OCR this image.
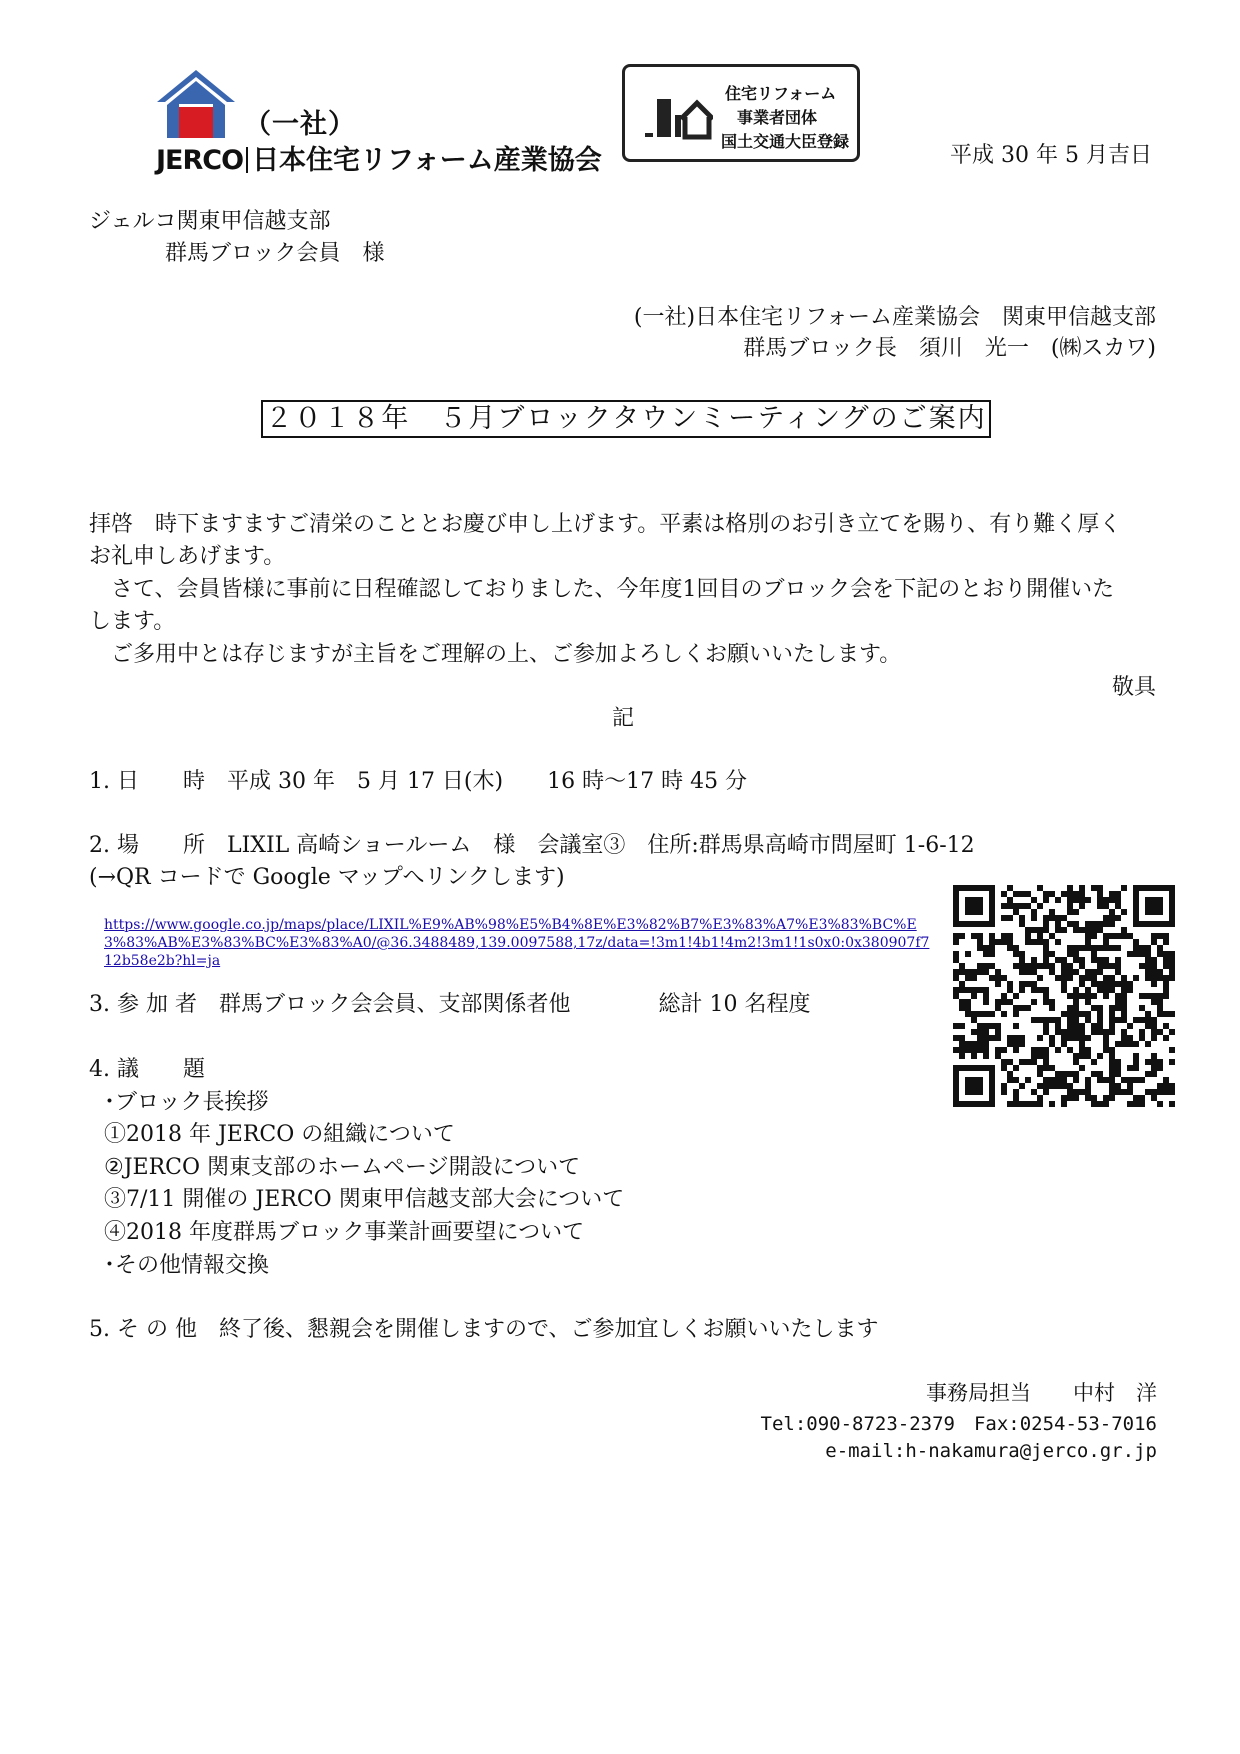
（一社）
JERCO 日本住宅リフォーム産業協会
住宅リフォーム
事業者団体
国土交通大臣登録
平成 30 年 5 月吉日
ジェルコ関東甲信越支部
群馬ブロック会員　様
(一社)日本住宅リフォーム産業協会　関東甲信越支部
群馬ブロック長　須川　光一　(㈱スカワ)
２０１８年　５月ブロックタウンミーティングのご案内
拝啓　時下ますますご清栄のこととお慶び申し上げます。平素は格別のお引き立てを賜り、有り難く厚く
お礼申しあげます。
　さて、会員皆様に事前に日程確認しておりました、今年度1回目のブロック会を下記のとおり開催いた
します。
　ご多用中とは存じますが主旨をご理解の上、ご参加よろしくお願いいたします。
敬具
記
1. 日　　時　平成 30 年　5 月 17 日(木)　　16 時～17 時 45 分
2. 場　　所　LIXIL 高崎ショールーム　様　会議室③　住所:群馬県高崎市問屋町 1-6-12
(→QR コードで Google マップへリンクします)
https://www.google.co.jp/maps/place/LIXIL%E9%AB%98%E5%B4%8E%E3%82%B7%E3%83%A7%E3%83%BC%E3%83%AB%E3%83%BC%E3%83%A0/@36.3488489,139.0097588,17z/data=!3m1!4b1!4m2!3m1!1s0x0:0x380907f712b58e2b?hl=ja
3. 参 加 者　群馬ブロック会会員、支部関係者他　　　　総計 10 名程度
4. 議　　題
･ブロック長挨拶
①2018 年 JERCO の組織について
②JERCO 関東支部のホームページ開設について
③7/11 開催の JERCO 関東甲信越支部大会について
④2018 年度群馬ブロック事業計画要望について
･その他情報交換
5. そ の 他　終了後、懇親会を開催しますので、ご参加宜しくお願いいたします
事務局担当　　中村　洋
Tel:090-8723-2379　Fax:0254-53-7016
e-mail:h-nakamura@jerco.gr.jp
